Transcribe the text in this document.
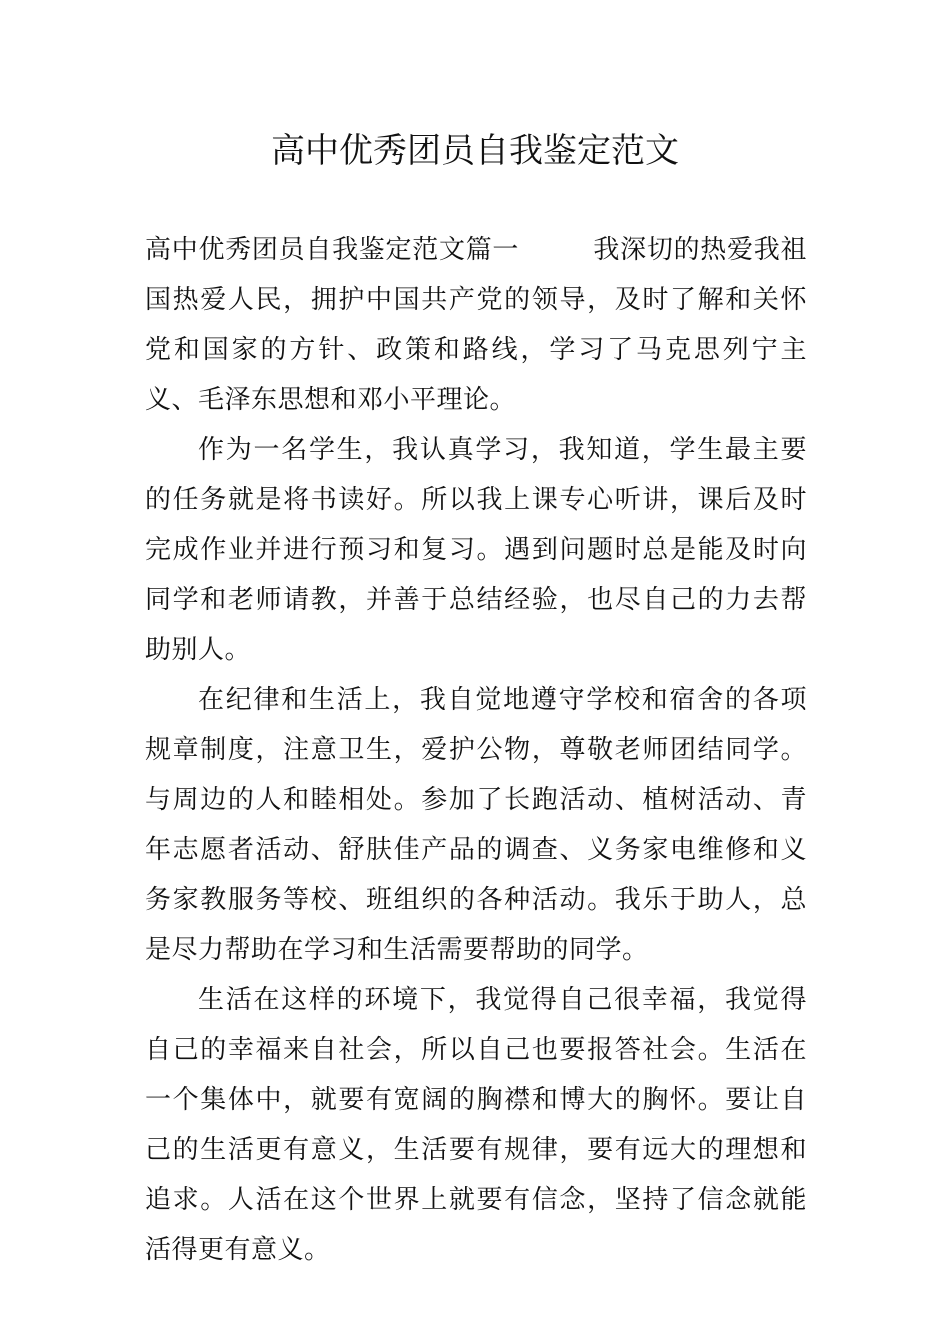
高中优秀团员自我鉴定范文

高中优秀团员自我鉴定范文篇一	我深切的热爱我祖国热爱人民，拥护中国共产党的领导，及时了解和关怀党和国家的方针、政策和路线，学习了马克思列宁主义、毛泽东思想和邓小平理论。

作为一名学生，我认真学习，我知道，学生最主要的任务就是将书读好。所以我上课专心听讲，课后及时完成作业并进行预习和复习。遇到问题时总是能及时向同学和老师请教，并善于总结经验，也尽自己的力去帮助别人。

在纪律和生活上，我自觉地遵守学校和宿舍的各项规章制度，注意卫生，爱护公物，尊敬老师团结同学。与周边的人和睦相处。参加了长跑活动、植树活动、青年志愿者活动、舒肤佳产品的调查、义务家电维修和义务家教服务等校、班组织的各种活动。我乐于助人，总是尽力帮助在学习和生活需要帮助的同学。

生活在这样的环境下，我觉得自己很幸福，我觉得自己的幸福来自社会，所以自己也要报答社会。生活在一个集体中，就要有宽阔的胸襟和博大的胸怀。要让自己的生活更有意义，生活要有规律，要有远大的理想和追求。人活在这个世界上就要有信念，坚持了信念就能活得更有意义。
